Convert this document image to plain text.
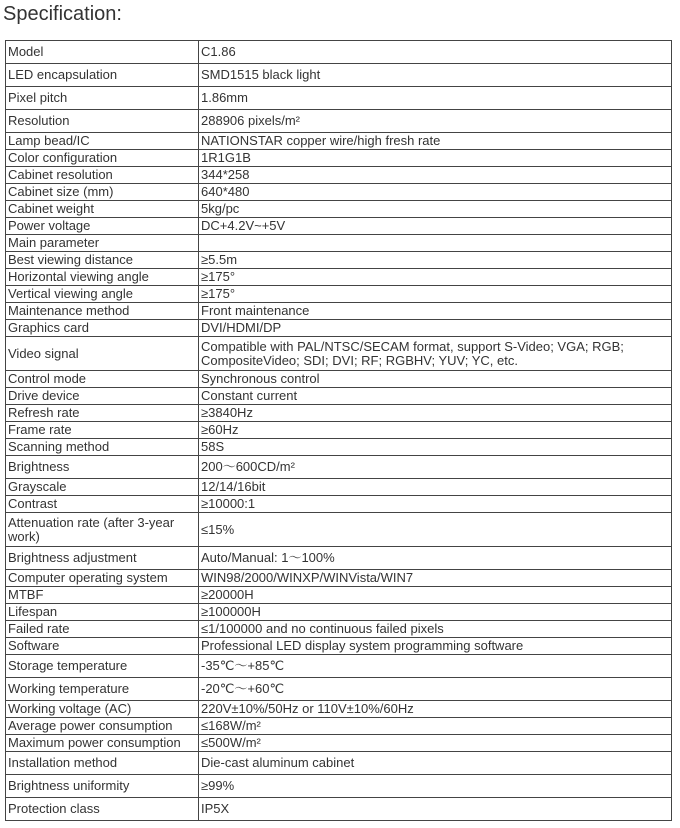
Specification:
Model	C1.86
LED encapsulation	SMD1515 black light
Pixel pitch	1.86mm
Resolution	288906 pixels/m²
Lamp bead/IC	NATIONSTAR copper wire/high fresh rate
Color configuration	1R1G1B
Cabinet resolution	344*258
Cabinet size (mm)	640*480
Cabinet weight	5kg/pc
Power voltage	DC+4.2V~+5V
Main parameter	
Best viewing distance	≥5.5m
Horizontal viewing angle	≥175°
Vertical viewing angle	≥175°
Maintenance method	Front maintenance
Graphics card	DVI/HDMI/DP
Video signal	Compatible with PAL/NTSC/SECAM format, support S-Video; VGA; RGB; CompositeVideo; SDI; DVI; RF; RGBHV; YUV; YC, etc.
Control mode	Synchronous control
Drive device	Constant current
Refresh rate	≥3840Hz
Frame rate	≥60Hz
Scanning method	58S
Brightness	200～600CD/m²
Grayscale	12/14/16bit
Contrast	≥10000:1
Attenuation rate (after 3-year work)	≤15%
Brightness adjustment	Auto/Manual: 1～100%
Computer operating system	WIN98/2000/WINXP/WINVista/WIN7
MTBF	≥20000H
Lifespan	≥100000H
Failed rate	≤1/100000 and no continuous failed pixels
Software	Professional LED display system programming software
Storage temperature	-35℃～+85℃
Working temperature	-20℃～+60℃
Working voltage (AC)	220V±10%/50Hz or 110V±10%/60Hz
Average power consumption	≤168W/m²
Maximum power consumption	≤500W/m²
Installation method	Die-cast aluminum cabinet
Brightness uniformity	≥99%
Protection class	IP5X
